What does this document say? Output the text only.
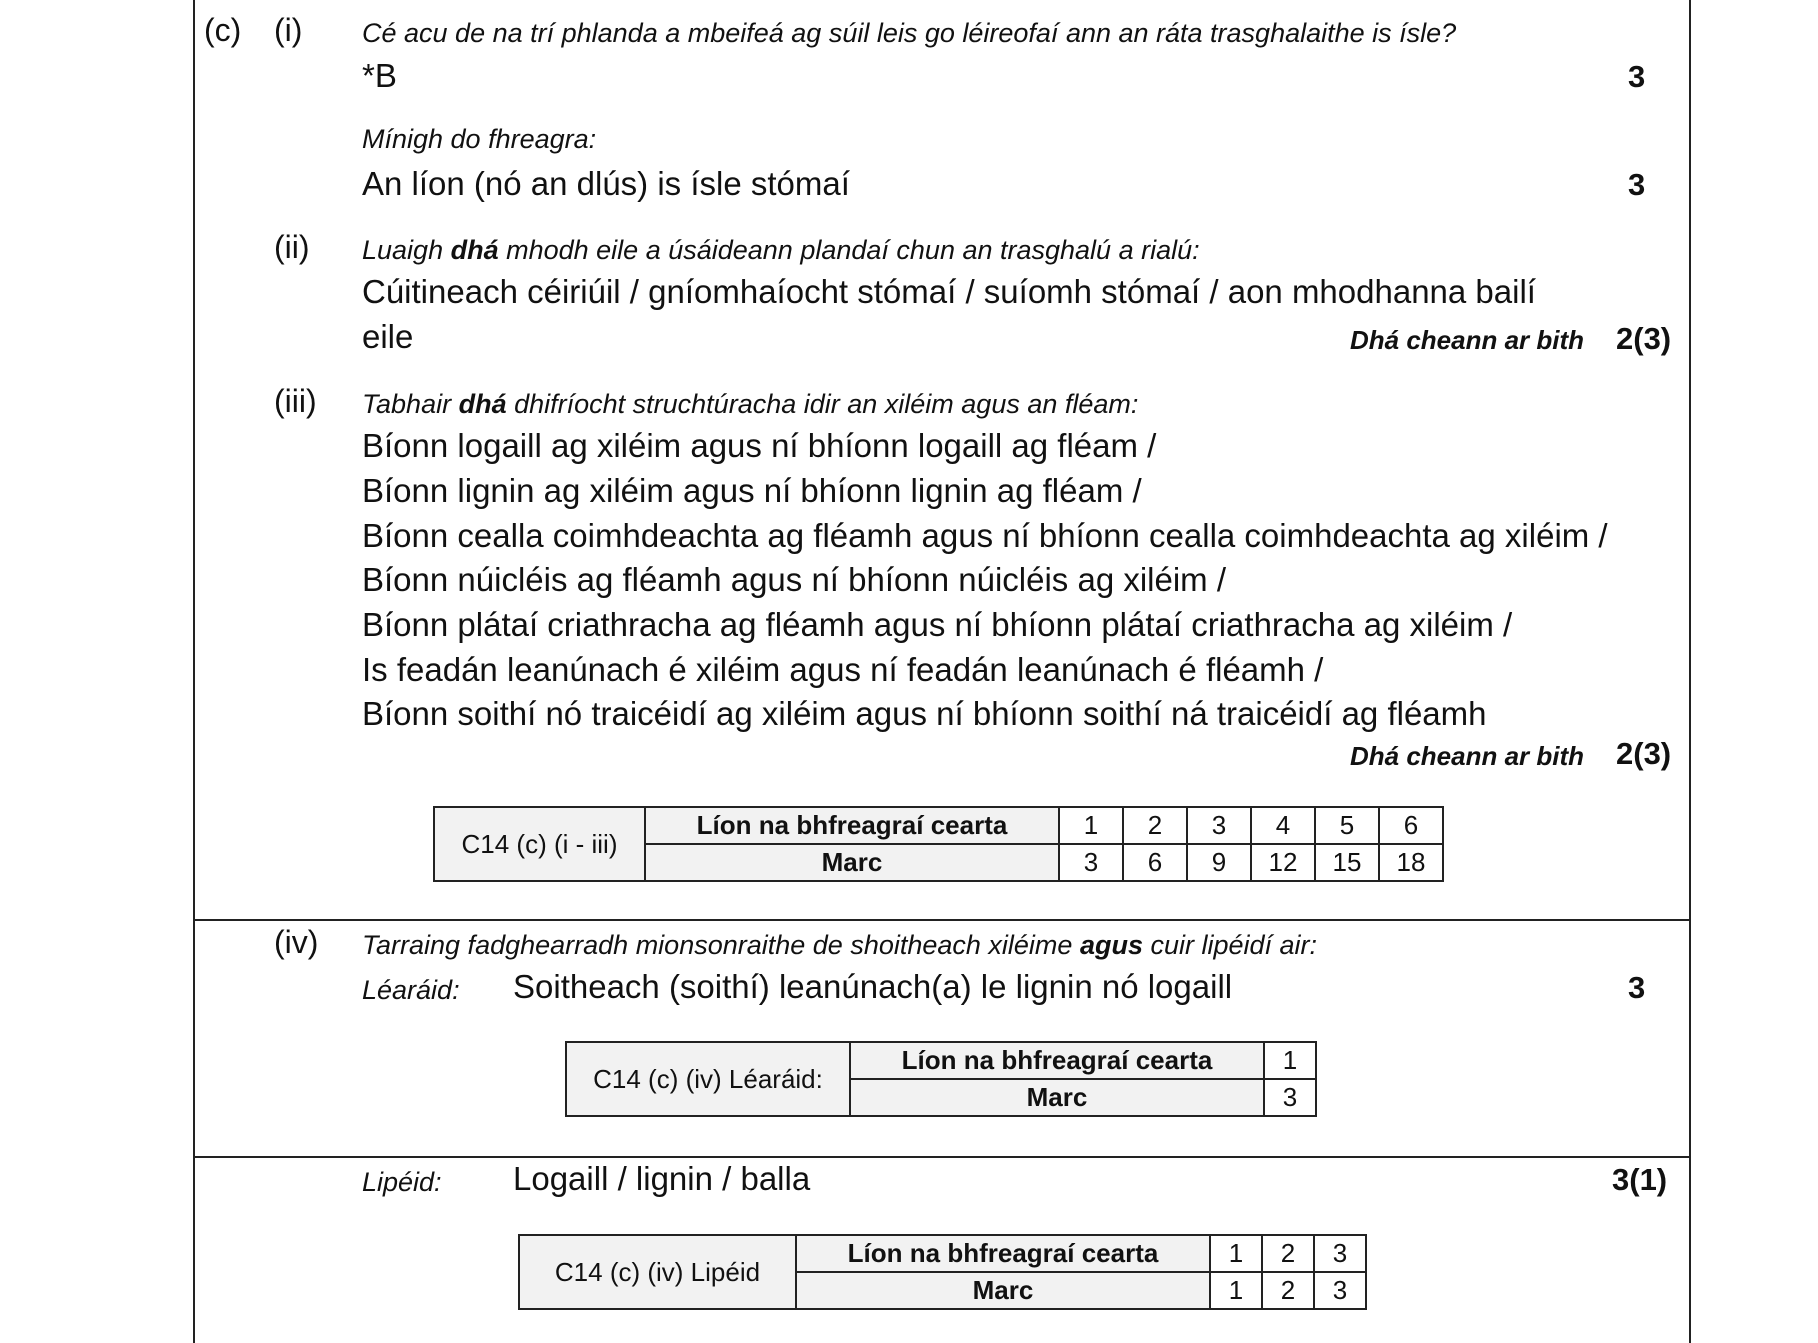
(c) (i) Cé acu de na trí phlanda a mbeifeá ag súil leis go léireofaí ann an ráta trasghalaithe is ísle?
*B	3
Mínigh do fhreagra:
An líon (nó an dlús) is ísle stómaí	3
(ii) Luaigh dhá mhodh eile a úsáideann plandaí chun an trasghalú a rialú:
Cúitineach céiriúil / gníomhaíocht stómaí / suíomh stómaí / aon mhodhanna bailí
eile	Dhá cheann ar bith 2(3)
(iii) Tabhair dhá dhifríocht struchtúracha idir an xiléim agus an fléam:
Bíonn logaill ag xiléim agus ní bhíonn logaill ag fléam /
Bíonn lignin ag xiléim agus ní bhíonn lignin ag fléam /
Bíonn cealla coimhdeachta ag fléamh agus ní bhíonn cealla coimhdeachta ag xiléim /
Bíonn núicléis ag fléamh agus ní bhíonn núicléis ag xiléim /
Bíonn plátaí criathracha ag fléamh agus ní bhíonn plátaí criathracha ag xiléim /
Is feadán leanúnach é xiléim agus ní feadán leanúnach é fléamh /
Bíonn soithí nó traicéidí ag xiléim agus ní bhíonn soithí ná traicéidí ag fléamh
Dhá cheann ar bith 2(3)
C14 (c) (i - iii)	Líon na bhfreagraí cearta	1	2	3	4	5	6
	Marc	3	6	9	12	15	18
(iv) Tarraing fadghearradh mionsonraithe de shoitheach xiléime agus cuir lipéidí air:
Léaráid: Soitheach (soithí) leanúnach(a) le lignin nó logaill	3
C14 (c) (iv) Léaráid:	Líon na bhfreagraí cearta	1
	Marc	3
Lipéid: Logaill / lignin / balla	3(1)
C14 (c) (iv) Lipéid	Líon na bhfreagraí cearta	1	2	3
	Marc	1	2	3
